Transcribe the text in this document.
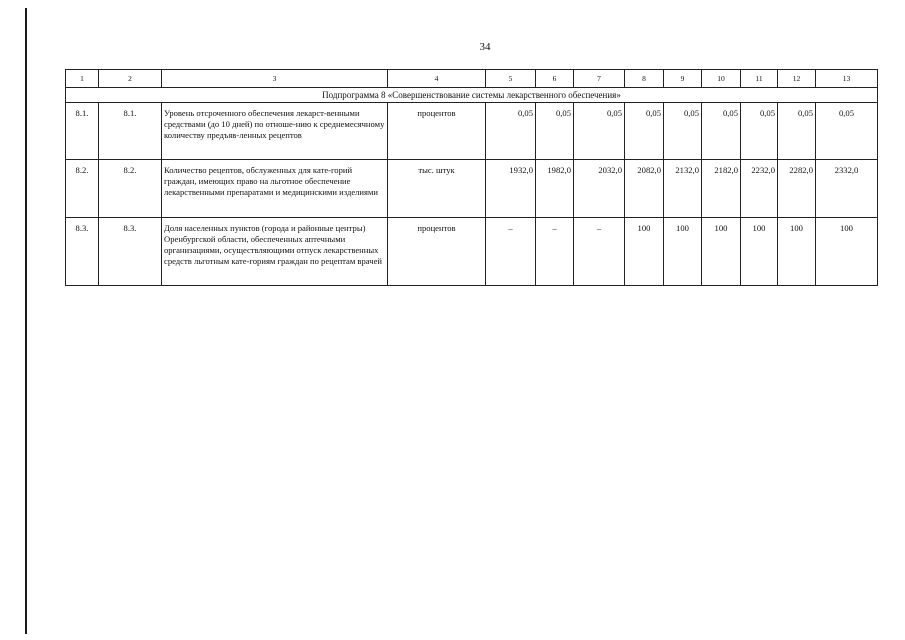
34
1	2	3	4	5	6	7	8	9	10	11	12	13
Подпрограмма 8 «Совершенствование системы лекарственного обеспечения»												
8.1.	8.1.	Уровень отсроченного обеспечения лекарст-венными средствами (до 10 дней) по отноше-нию к среднемесячному количеству предъяв-ленных рецептов	процентов	0,05	0,05	0,05	0,05	0,05	0,05	0,05	0,05	0,05
8.2.	8.2.	Количество рецептов, обслуженных для кате-горий граждан, имеющих право на льготное обеспечение лекарственными препаратами и медицинскими изделиями	тыс. штук	1932,0	1982,0	2032,0	2082,0	2132,0	2182,0	2232,0	2282,0	2332,0
8.3.	8.3.	Доля населенных пунктов (города и районные центры) Оренбургской области, обеспеченных аптечными организациями, осуществляющими отпуск лекарственных средств льготным кате-гориям граждан по рецептам врачей	процентов	–	–	–	100	100	100	100	100	100
